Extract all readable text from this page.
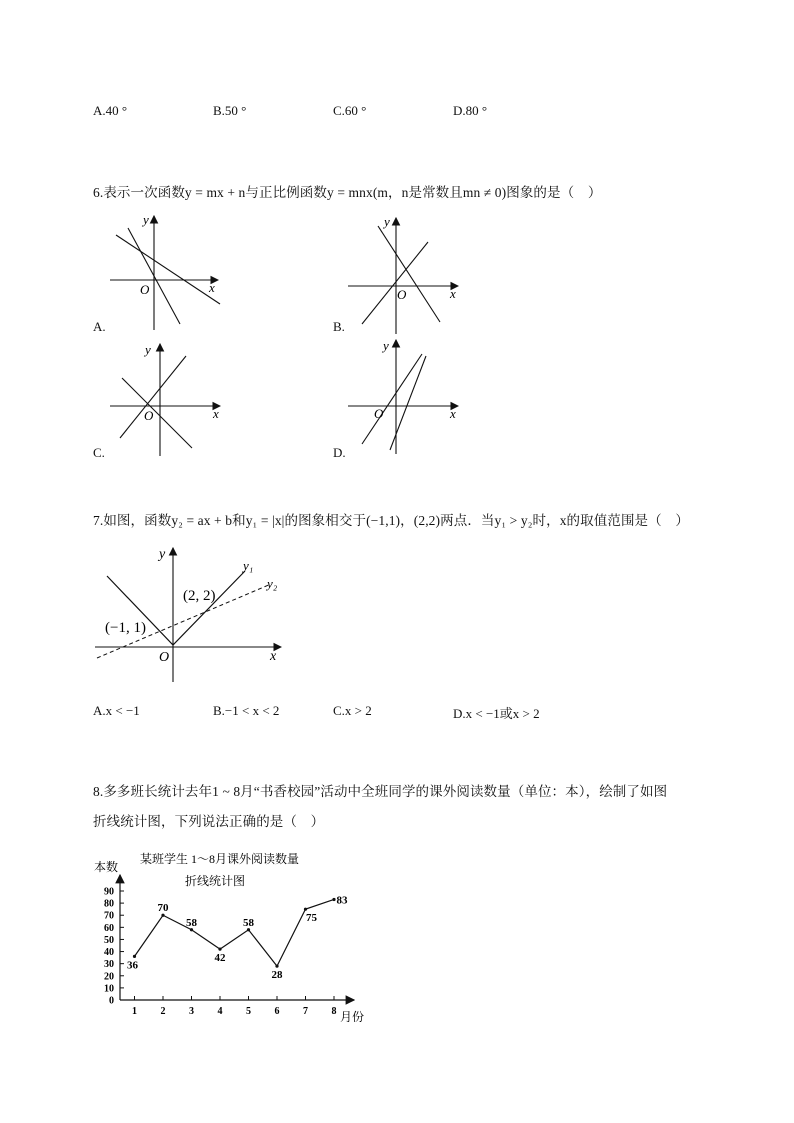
A.40 °	B.50 °	C.60 °	D.80 °
6.表示一次函数y = mx + n与正比例函数y = mnx(m，n是常数且mn ≠ 0)图象的是（　）
O	x
y
A.
O	x
y
B.
O	x
y
C.
O	x
y
D.
7.如图，函数y₂ = ax + b和y₁ = |x|的图象相交于(−1,1)，(2,2)两点．当y₁ > y₂时，x的取值范围是（　）
(−1, 1)
(2, 2)
y₁
y₂
O	x
y
A.x < −1	B.−1 < x < 2	C.x > 2	D.x < −1或x > 2
8.多多班长统计去年1 ~ 8月“书香校园”活动中全班同学的课外阅读数量（单位：本），绘制了如图
折线统计图，下列说法正确的是（　）
某班学生 1～8月课外阅读数量
折线统计图
本数
月份
0
10
20
30
40
50
60
70
80
90
1 2 3 4 5 6 7 8
36
70
58
42
58
28
75
83
